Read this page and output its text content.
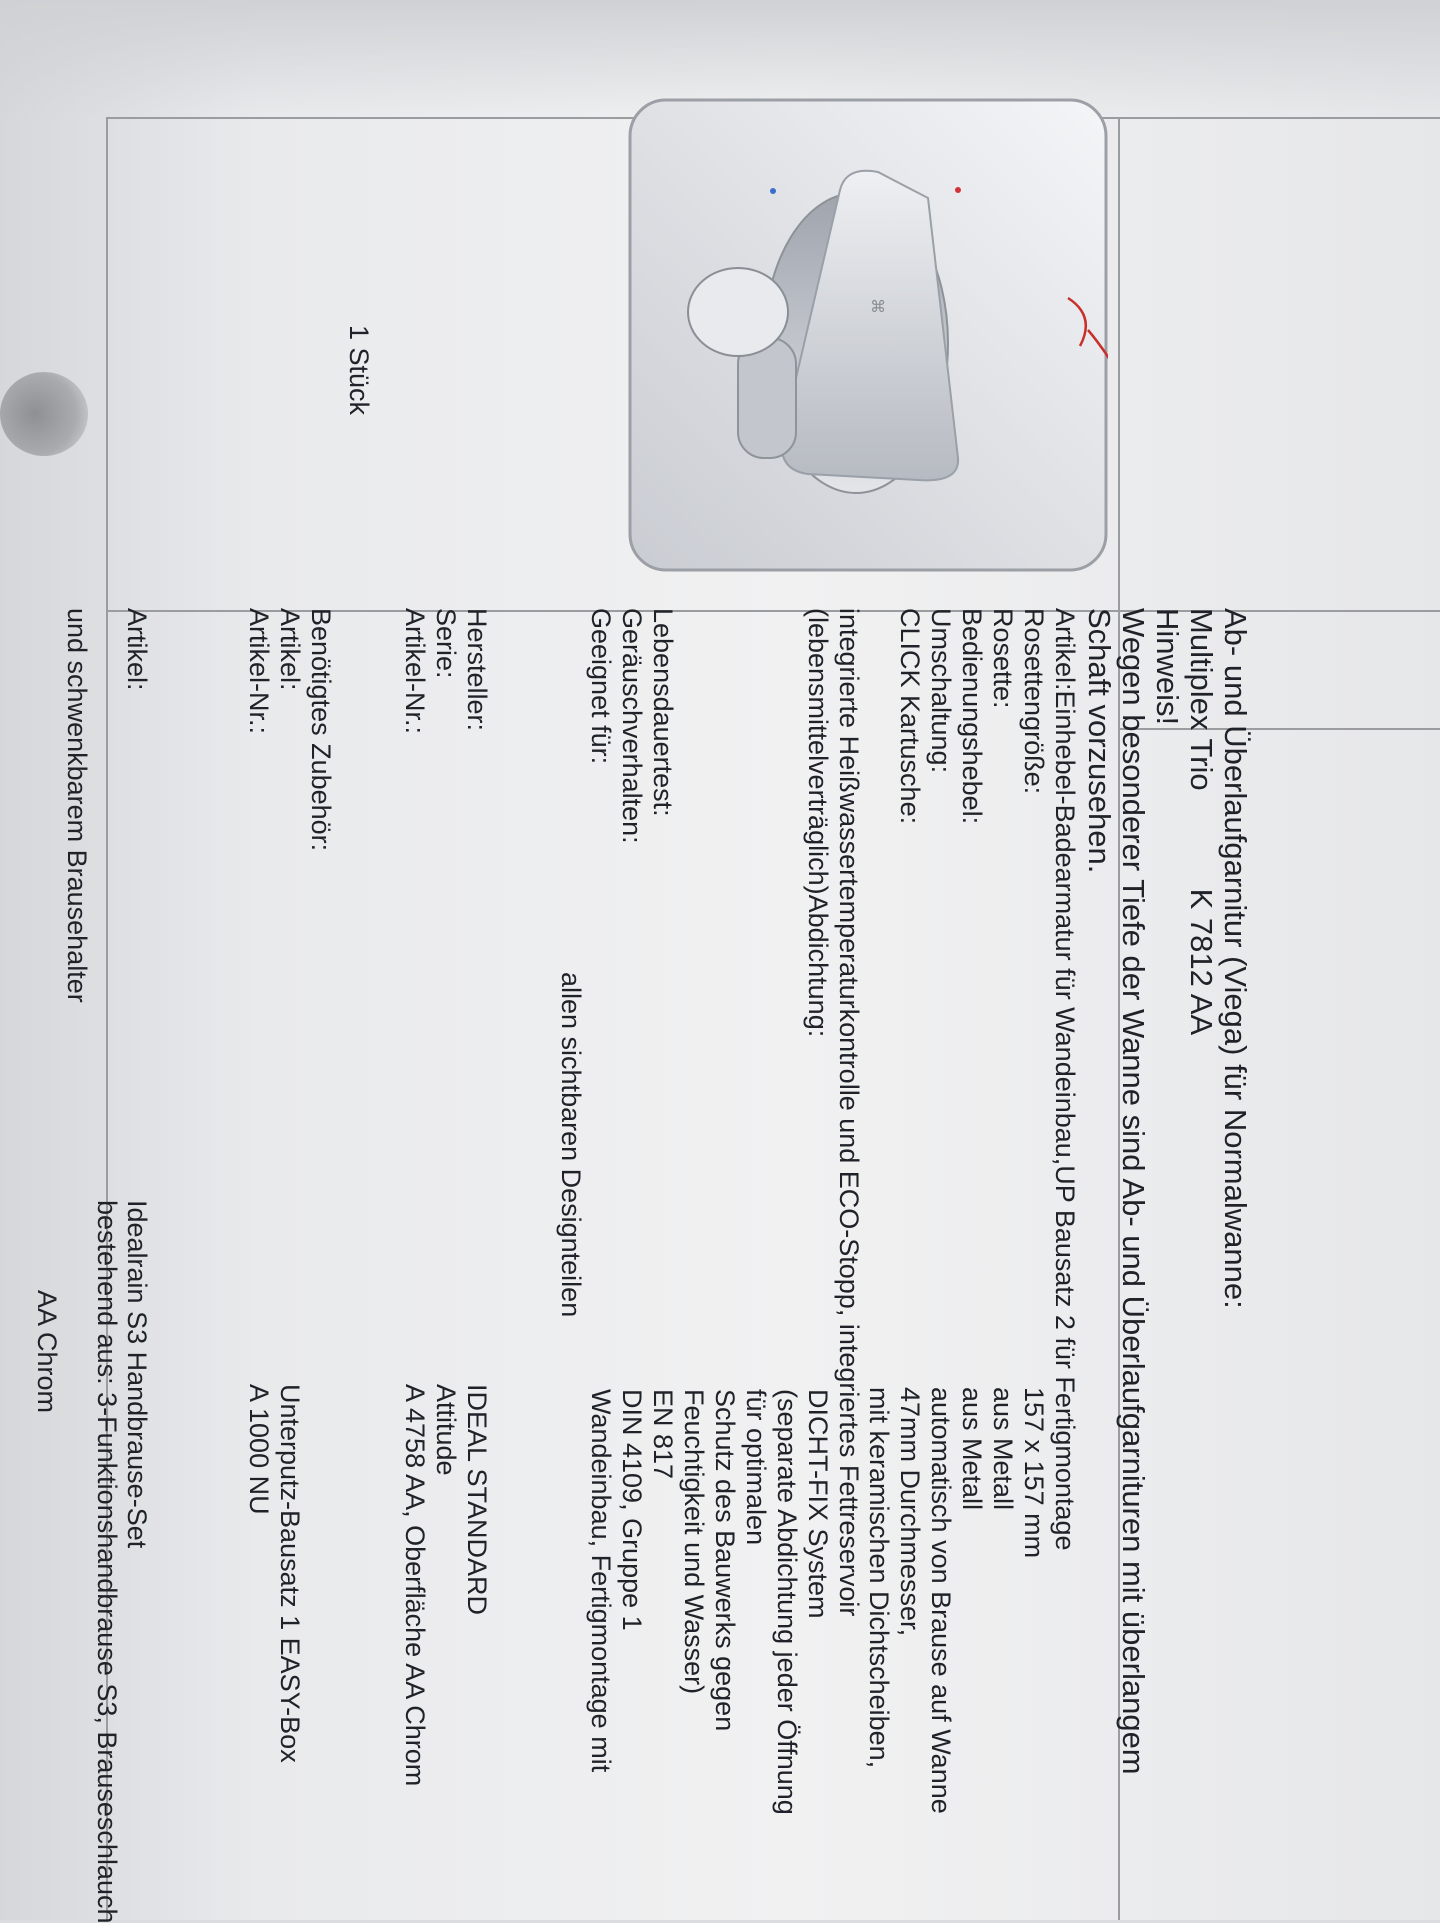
Ab- und Überlaufgarnitur (Viega) für Normalwanne:
Multiplex TrioK 7812 AA
Hinweis!
Wegen besonderer Tiefe der Wanne sind Ab- und Überlaufgarnituren mit überlangem
Schaft vorzusehen.
⌘
1 Stück
Artikel:Einhebel-Badearmatur für Wandeinbau,UP Bausatz 2 für Fertigmontage
Rosettengröße:
Rosette:
Bedienungshebel:
Umschaltung:
CLICK Kartusche:
157 x 157 mm
aus Metall
aus Metall
automatisch von Brause auf Wanne
47mm Durchmesser,
mit keramischen Dichtscheiben,
integrierte Heißwassertemperaturkontrolle und ECO-Stopp, integriertes Fettreservoir
(lebensmittelverträglich)Abdichtung:
DICHT-FIX System
(separate Abdichtung jeder Öffnung
für optimalen
Schutz des Bauwerks gegen
Feuchtigkeit und Wasser)
Lebensdauertest:
EN 817
Geräuschverhalten:
DIN 4109, Gruppe 1
Geeignet für:
Wandeinbau, Fertigmontage mit
allen sichtbaren Designteilen
Hersteller:
IDEAL STANDARD
Serie:
Attitude
Artikel-Nr.:
A 4758 AA, Oberfläche AA Chrom
Benötigtes Zubehör:
Artikel:
Unterputz-Bausatz 1 EASY-Box
Artikel-Nr.:
A 1000 NU
Artikel:
Idealrain S3 Handbrause-Set
bestehend aus: 3-Funktionshandbrause S3, Brauseschlauch
und schwenkbarem Brausehalter
AA Chrom
